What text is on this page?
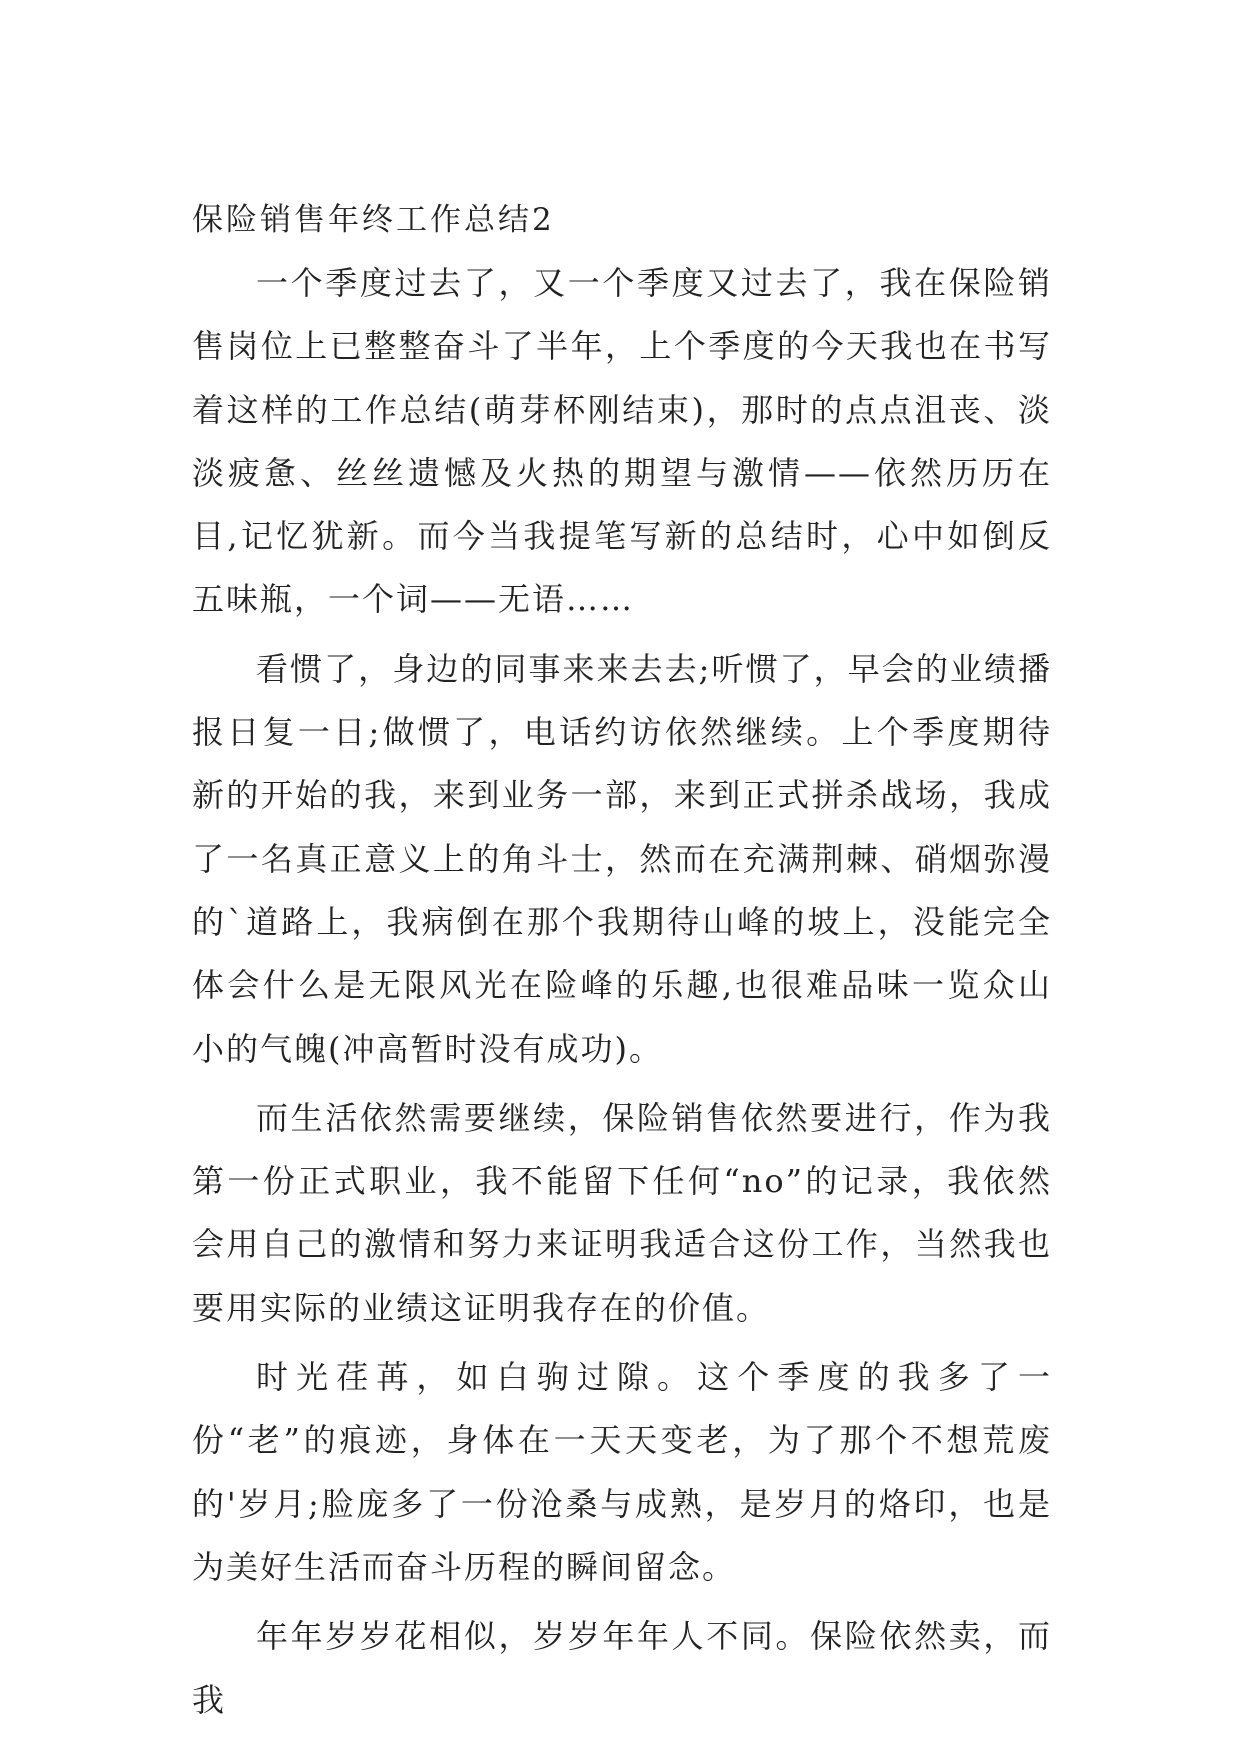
保险销售年终工作总结2

一个季度过去了，又一个季度又过去了，我在保险销售岗位上已整整奋斗了半年，上个季度的今天我也在书写着这样的工作总结(萌芽杯刚结束)，那时的点点沮丧、淡淡疲惫、丝丝遗憾及火热的期望与激情——依然历历在目,记忆犹新。而今当我提笔写新的总结时，心中如倒反五味瓶，一个词——无语……

看惯了，身边的同事来来去去;听惯了，早会的业绩播报日复一日;做惯了，电话约访依然继续。上个季度期待新的开始的我，来到业务一部，来到正式拼杀战场，我成了一名真正意义上的角斗士，然而在充满荆棘、硝烟弥漫的`道路上，我病倒在那个我期待山峰的坡上，没能完全体会什么是无限风光在险峰的乐趣,也很难品味一览众山小的气魄(冲高暂时没有成功)。

而生活依然需要继续，保险销售依然要进行，作为我第一份正式职业，我不能留下任何“no”的记录，我依然会用自己的激情和努力来证明我适合这份工作，当然我也要用实际的业绩这证明我存在的价值。

时光荏苒，如白驹过隙。这个季度的我多了一份“老”的痕迹，身体在一天天变老，为了那个不想荒废的'岁月;脸庞多了一份沧桑与成熟，是岁月的烙印，也是为美好生活而奋斗历程的瞬间留念。

年年岁岁花相似，岁岁年年人不同。保险依然卖，而我
